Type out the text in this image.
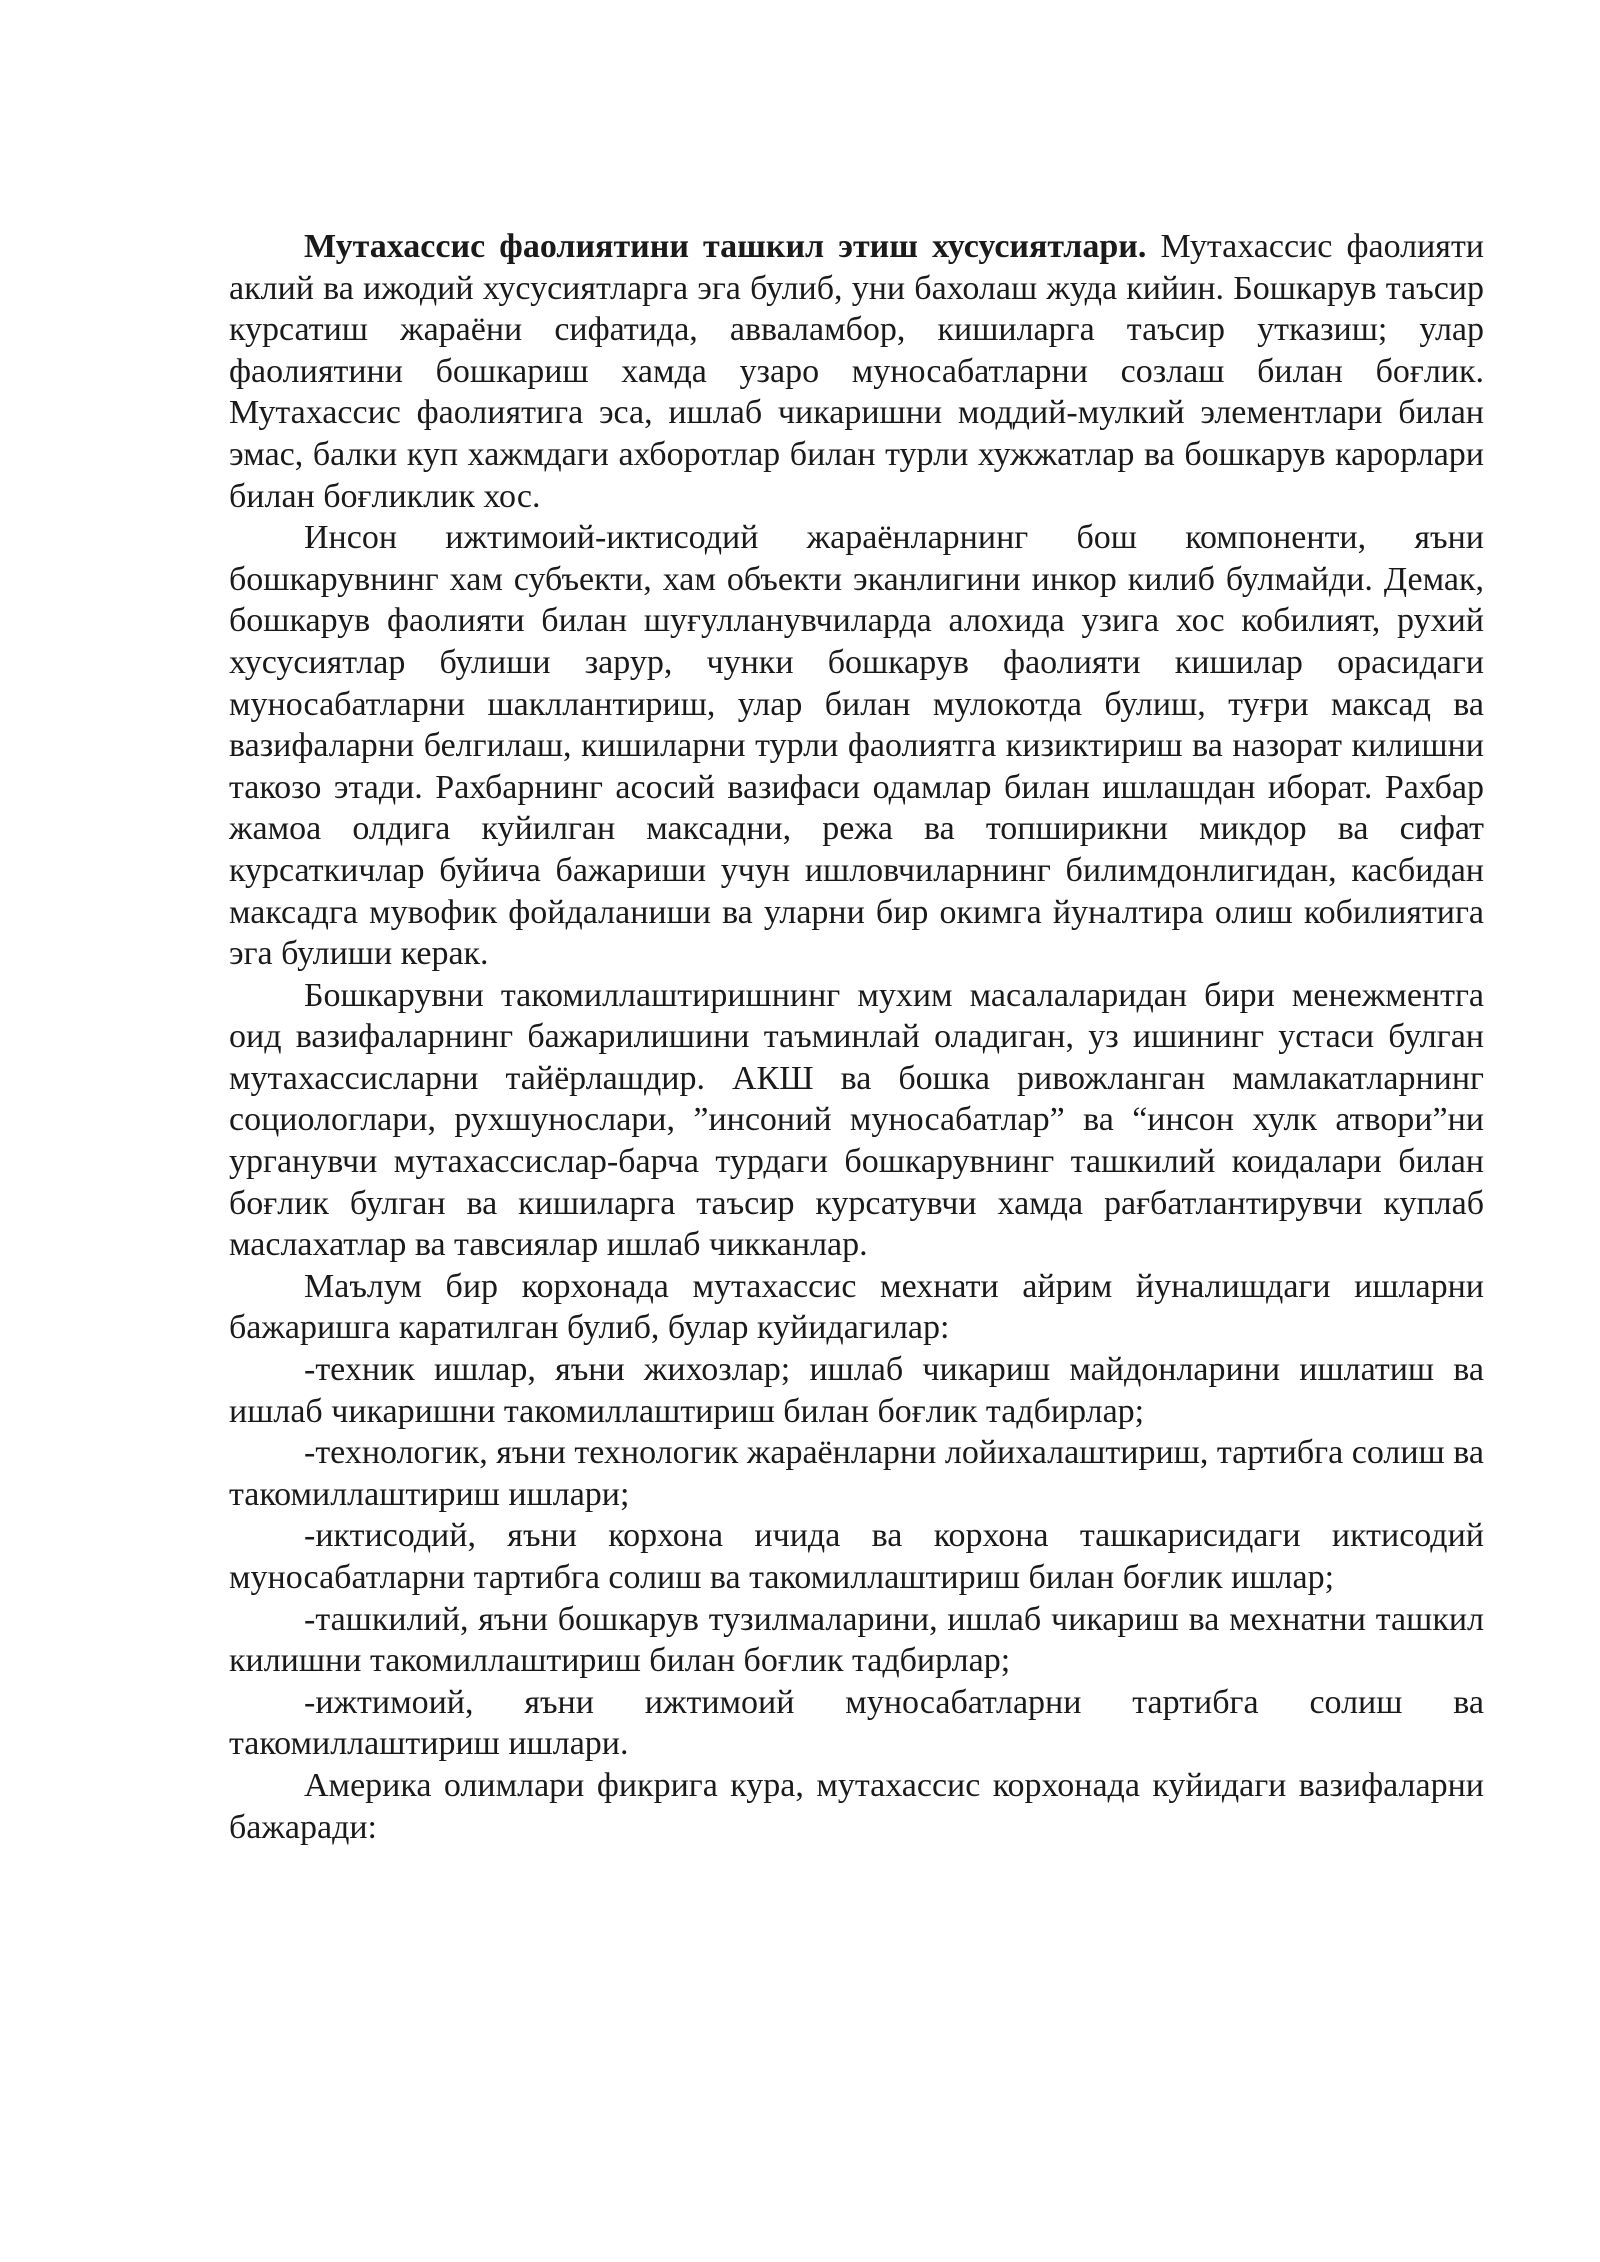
Мутахассис фаолиятини ташкил этиш хусусиятлари. Мутахассис фаолияти аклий ва ижодий хусусиятларга эга булиб, уни бахолаш жуда кийин. Бошкарув таъсир курсатиш жараёни сифатида, авваламбор, кишиларга таъсир утказиш; улар фаолиятини бошкариш хамда узаро муносабатларни созлаш билан боғлик. Мутахассис фаолиятига эса, ишлаб чикаришни моддий-мулкий элементлари билан эмас, балки куп хажмдаги ахборотлар билан турли хужжатлар ва бошкарув карорлари билан боғликлик хос.

Инсон ижтимоий-иктисодий жараёнларнинг бош компоненти, яъни бошкарувнинг хам субъекти, хам объекти эканлигини инкор килиб булмайди. Демак, бошкарув фаолияти билан шуғулланувчиларда алохида узига хос кобилият, рухий хусусиятлар булиши зарур, чунки бошкарув фаолияти кишилар орасидаги муносабатларни шакллантириш, улар билан мулокотда булиш, туғри максад ва вазифаларни белгилаш, кишиларни турли фаолиятга кизиктириш ва назорат килишни такозо этади. Рахбарнинг асосий вазифаси одамлар билан ишлашдан иборат. Рахбар жамоа олдига куйилган максадни, режа ва топширикни микдор ва сифат курсаткичлар буйича бажариши учун ишловчиларнинг билимдонлигидан, касбидан максадга мувофик фойдаланиши ва уларни бир окимга йуналтира олиш кобилиятига эга булиши керак.

Бошкарувни такомиллаштиришнинг мухим масалаларидан бири менежментга оид вазифаларнинг бажарилишини таъминлай оладиган, уз ишининг устаси булган мутахассисларни тайёрлашдир. АКШ ва бошка ривожланган мамлакатларнинг социологлари, рухшунослари, ”инсоний муносабатлар” ва “инсон хулк атвори”ни урганувчи мутахассислар-барча турдаги бошкарувнинг ташкилий коидалари билан боғлик булган ва кишиларга таъсир курсатувчи хамда рағбатлантирувчи куплаб маслахатлар ва тавсиялар ишлаб чикканлар.

Маълум бир корхонада мутахассис мехнати айрим йуналишдаги ишларни бажаришга каратилган булиб, булар куйидагилар:

-техник ишлар, яъни жихозлар; ишлаб чикариш майдонларини ишлатиш ва ишлаб чикаришни такомиллаштириш билан боғлик тадбирлар;

-технологик, яъни технологик жараёнларни лойихалаштириш, тартибга солиш ва такомиллаштириш ишлари;

-иктисодий, яъни корхона ичида ва корхона ташкарисидаги иктисодий муносабатларни тартибга солиш ва такомиллаштириш билан боғлик ишлар;

-ташкилий, яъни бошкарув тузилмаларини, ишлаб чикариш ва мехнатни ташкил килишни такомиллаштириш билан боғлик тадбирлар;

-ижтимоий, яъни ижтимоий муносабатларни тартибга солиш ва такомиллаштириш ишлари.

Америка олимлари фикрига кура, мутахассис корхонада куйидаги вазифаларни бажаради:
